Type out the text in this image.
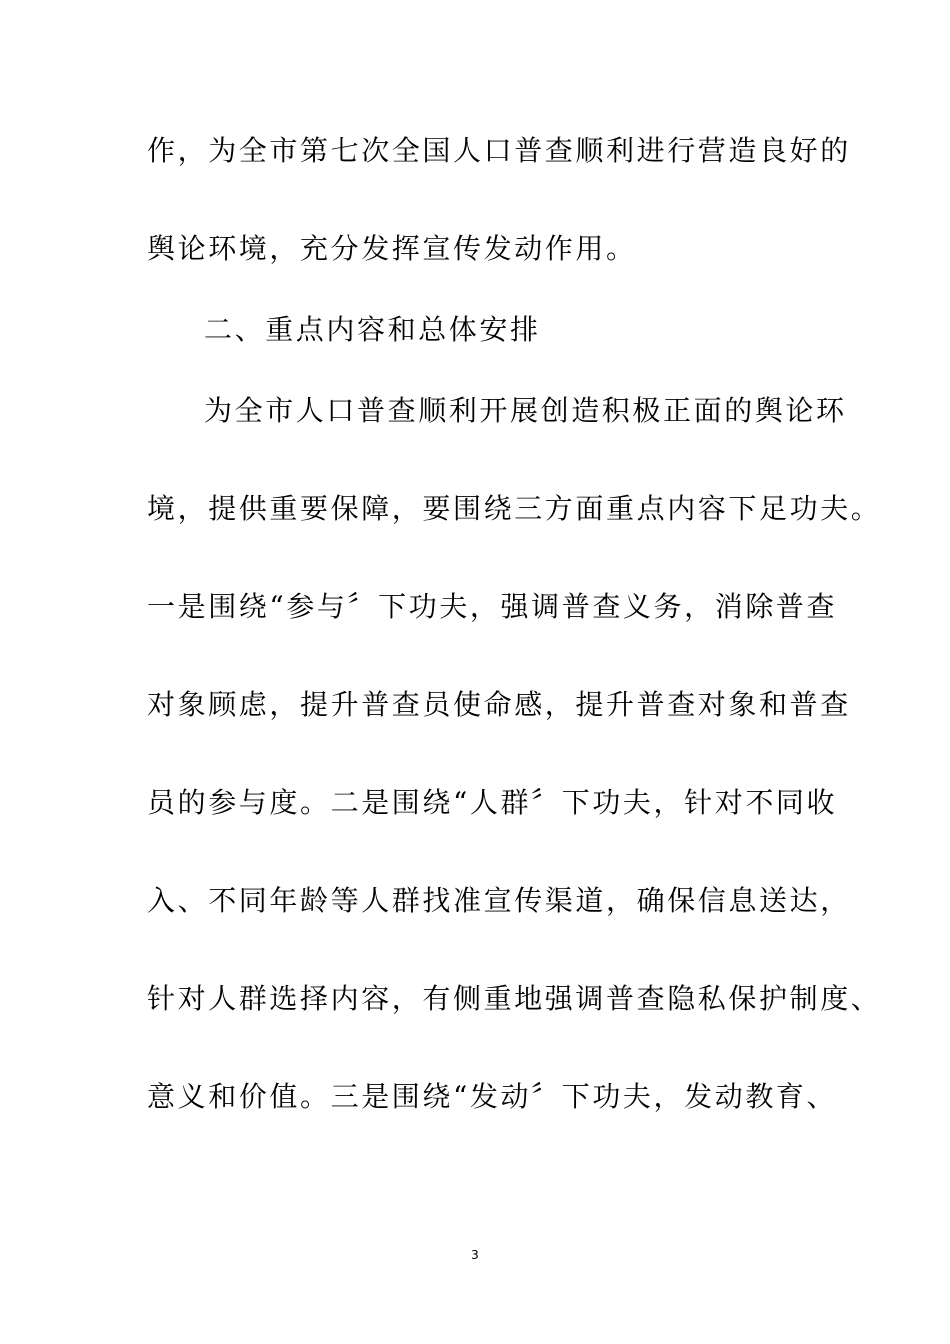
作，为全市第七次全国人口普查顺利进行营造良好的
舆论环境，充分发挥宣传发动作用。
二、重点内容和总体安排
为全市人口普查顺利开展创造积极正面的舆论环
境，提供重要保障，要围绕三方面重点内容下足功夫。
一是围绕“参与〞下功夫，强调普查义务，消除普查
对象顾虑，提升普查员使命感，提升普查对象和普查
员的参与度。二是围绕“人群〞下功夫，针对不同收
入、不同年龄等人群找准宣传渠道，确保信息送达，
针对人群选择内容，有侧重地强调普查隐私保护制度、
意义和价值。三是围绕“发动〞下功夫，发动教育、
3
